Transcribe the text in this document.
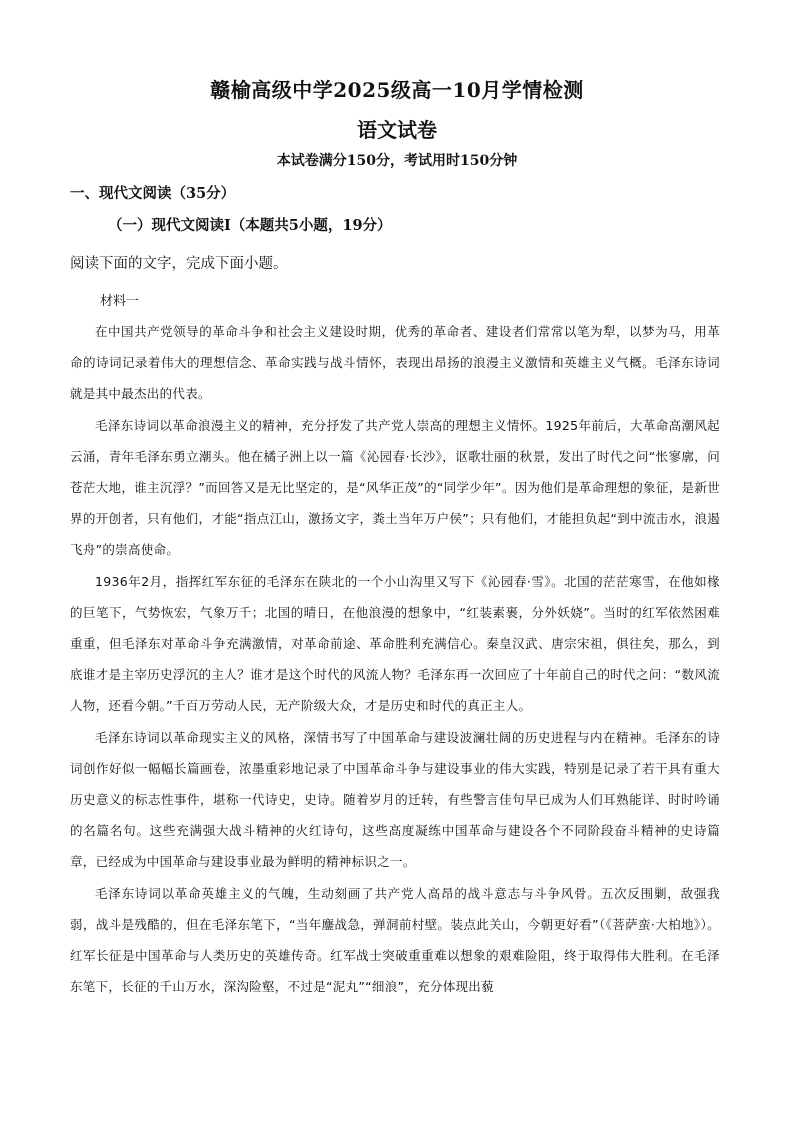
赣榆高级中学2025级高一10月学情检测
语文试卷
本试卷满分150分，考试用时150分钟
一、现代文阅读（35分）
（一）现代文阅读Ⅰ（本题共5小题，19分）
阅读下面的文字，完成下面小题。
材料一

在中国共产党领导的革命斗争和社会主义建设时期，优秀的革命者、建设者们常常以笔为犁，以梦为马，用革命的诗词记录着伟大的理想信念、革命实践与战斗情怀，表现出昂扬的浪漫主义激情和英雄主义气概。毛泽东诗词就是其中最杰出的代表。

毛泽东诗词以革命浪漫主义的精神，充分抒发了共产党人崇高的理想主义情怀。1925年前后，大革命高潮风起云涌，青年毛泽东勇立潮头。他在橘子洲上以一篇《沁园春·长沙》，讴歌壮丽的秋景，发出了时代之问“怅寥廓，问苍茫大地，谁主沉浮？”而回答又是无比坚定的，是“风华正茂”的“同学少年”。因为他们是革命理想的象征，是新世界的开创者，只有他们，才能“指点江山，激扬文字，粪土当年万户侯”；只有他们，才能担负起“到中流击水，浪遏飞舟”的崇高使命。

1936年2月，指挥红军东征的毛泽东在陕北的一个小山沟里又写下《沁园春·雪》。北国的茫茫寒雪，在他如椽的巨笔下，气势恢宏，气象万千；北国的晴日，在他浪漫的想象中，“红装素裹，分外妖娆”。当时的红军依然困难重重，但毛泽东对革命斗争充满激情，对革命前途、革命胜利充满信心。秦皇汉武、唐宗宋祖，俱往矣，那么，到底谁才是主宰历史浮沉的主人？谁才是这个时代的风流人物？毛泽东再一次回应了十年前自己的时代之问：“数风流人物，还看今朝。”千百万劳动人民，无产阶级大众，才是历史和时代的真正主人。

毛泽东诗词以革命现实主义的风格，深情书写了中国革命与建设波澜壮阔的历史进程与内在精神。毛泽东的诗词创作好似一幅幅长篇画卷，浓墨重彩地记录了中国革命斗争与建设事业的伟大实践，特别是记录了若干具有重大历史意义的标志性事件，堪称一代诗史，史诗。随着岁月的迁转，有些警言佳句早已成为人们耳熟能详、时时吟诵的名篇名句。这些充满强大战斗精神的火红诗句，这些高度凝练中国革命与建设各个不同阶段奋斗精神的史诗篇章，已经成为中国革命与建设事业最为鲜明的精神标识之一。

毛泽东诗词以革命英雄主义的气魄，生动刻画了共产党人高昂的战斗意志与斗争风骨。五次反围剿，敌强我弱，战斗是残酷的，但在毛泽东笔下，“当年鏖战急，弹洞前村壁。装点此关山，今朝更好看”（《菩萨蛮·大柏地》）。红军长征是中国革命与人类历史的英雄传奇。红军战士突破重重难以想象的艰难险阻，终于取得伟大胜利。在毛泽东笔下，长征的千山万水，深沟险壑，不过是“泥丸”“细浪”，充分体现出藐
